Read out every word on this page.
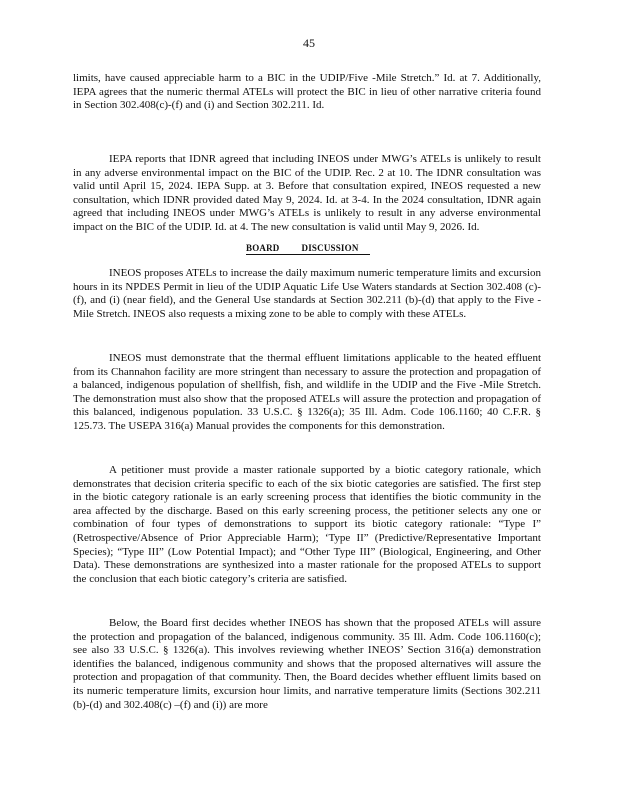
45

limits, have caused appreciable harm to a BIC in the UDIP/Five -Mile Stretch.” Id. at 7. Additionally, IEPA agrees that the numeric thermal ATELs will protect the BIC in lieu of other narrative criteria found in Section 302.408(c)-(f) and (i) and Section 302.211. Id.

IEPA reports that IDNR agreed that including INEOS under MWG’s ATELs is unlikely to result in any adverse environmental impact on the BIC of the UDIP. Rec. 2 at 10. The IDNR consultation was valid until April 15, 2024. IEPA Supp. at 3. Before that consultation expired, INEOS requested a new consultation, which IDNR provided dated May 9, 2024. Id. at 3-4. In the 2024 consultation, IDNR again agreed that including INEOS under MWG’s ATELs is unlikely to result in any adverse environmental impact on the BIC of the UDIP. Id. at 4. The new consultation is valid until May 9, 2026. Id.

BOARD DISCUSSION

INEOS proposes ATELs to increase the daily maximum numeric temperature limits and excursion hours in its NPDES Permit in lieu of the UDIP Aquatic Life Use Waters standards at Section 302.408 (c)-(f), and (i) (near field), and the General Use standards at Section 302.211 (b)-(d) that apply to the Five -Mile Stretch. INEOS also requests a mixing zone to be able to comply with these ATELs.

INEOS must demonstrate that the thermal effluent limitations applicable to the heated effluent from its Channahon facility are more stringent than necessary to assure the protection and propagation of a balanced, indigenous population of shellfish, fish, and wildlife in the UDIP and the Five -Mile Stretch. The demonstration must also show that the proposed ATELs will assure the protection and propagation of this balanced, indigenous population. 33 U.S.C. § 1326(a); 35 Ill. Adm. Code 106.1160; 40 C.F.R. § 125.73. The USEPA 316(a) Manual provides the components for this demonstration.

A petitioner must provide a master rationale supported by a biotic category rationale, which demonstrates that decision criteria specific to each of the six biotic categories are satisfied. The first step in the biotic category rationale is an early screening process that identifies the biotic community in the area affected by the discharge. Based on this early screening process, the petitioner selects any one or combination of four types of demonstrations to support its biotic category rationale: “Type I” (Retrospective/Absence of Prior Appreciable Harm); ‘Type II” (Predictive/Representative Important Species); “Type III” (Low Potential Impact); and “Other Type III” (Biological, Engineering, and Other Data). These demonstrations are synthesized into a master rationale for the proposed ATELs to support the conclusion that each biotic category’s criteria are satisfied.

Below, the Board first decides whether INEOS has shown that the proposed ATELs will assure the protection and propagation of the balanced, indigenous community. 35 Ill. Adm. Code 106.1160(c); see also 33 U.S.C. § 1326(a). This involves reviewing whether INEOS’ Section 316(a) demonstration identifies the balanced, indigenous community and shows that the proposed alternatives will assure the protection and propagation of that community. Then, the Board decides whether effluent limits based on its numeric temperature limits, excursion hour limits, and narrative temperature limits (Sections 302.211 (b)-(d) and 302.408(c) –(f) and (i)) are more
